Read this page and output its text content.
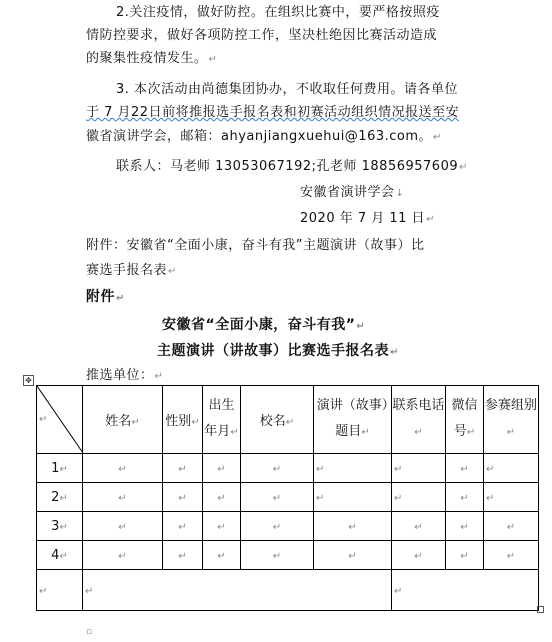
2.关注疫情，做好防控。在组织比赛中，要严格按照疫
情防控要求，做好各项防控工作，坚决杜绝因比赛活动造成
的聚集性疫情发生。↵
3. 本次活动由尚德集团协办，不收取任何费用。请各单位
于 7 月22日前将推报选手报名表和初赛活动组织情况报送至安
徽省演讲学会，邮箱：ahyanjiangxuehui@163.com。↵
联系人：马老师 13053067192;孔老师 18856957609↵
安徽省演讲学会↓
2020 年 7 月 11 日↵
附件：安徽省“全面小康，奋斗有我”主题演讲（故事）比
赛选手报名表↵
附件↵
安徽省“全面小康，奋斗有我”↵
主题演讲（讲故事）比赛选手报名表↵
✥	推选单位：↵
↵	姓名↵	性别↵	出生年月↵	校名↵	演讲（故事）题目↵	联系电话↵	微信号↵	参赛组别↵
1↵	↵	↵	↵	↵	↵	↵	↵	↵
2↵	↵	↵	↵	↵	↵	↵	↵	↵
3↵	↵	↵	↵	↵	↵	↵	↵	↵
4↵	↵	↵	↵	↵	↵	↵	↵	↵
↵	↵					↵		
▫
